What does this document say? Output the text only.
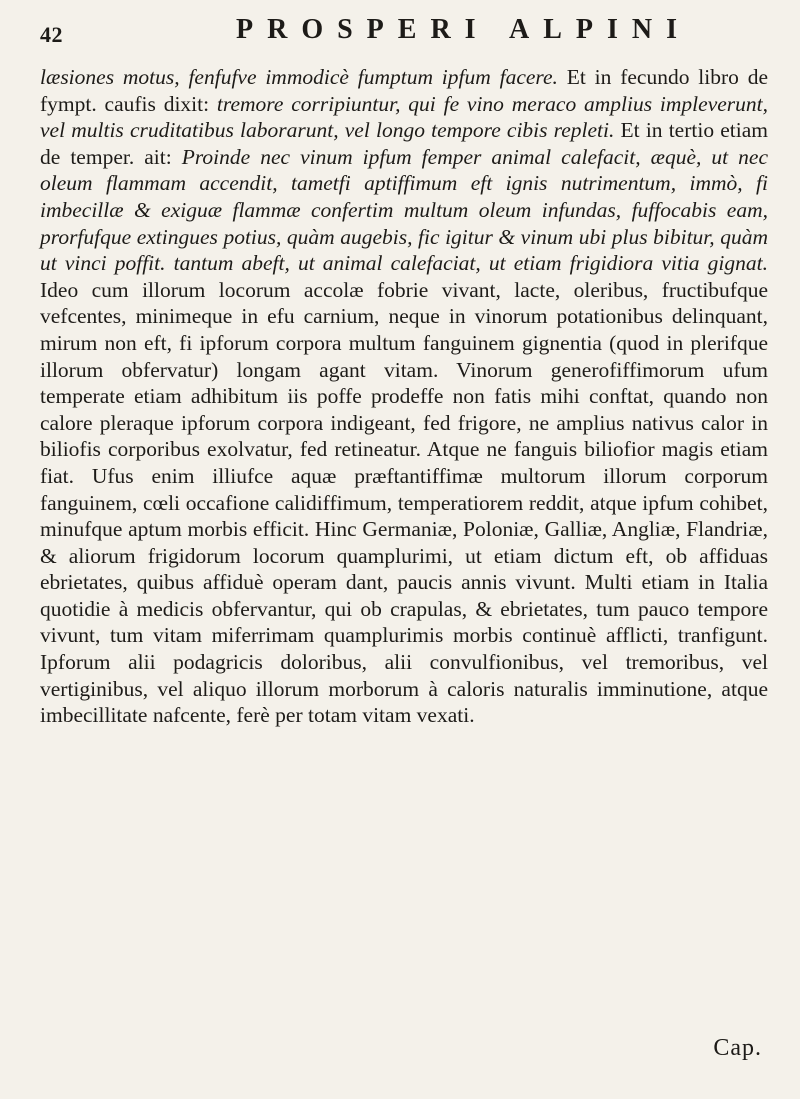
42	PROSPERI ALPINI

læsiones motus, fenfufve immodicè fumptum ipfum facere. Et in fecundo libro de fympt. caufis dixit: tremore corripiuntur, qui fe vino meraco amplius impleverunt, vel multis cruditatibus laborarunt, vel longo tempore cibis repleti. Et in tertio etiam de temper. ait: Proinde nec vinum ipfum femper animal calefacit, æquè, ut nec oleum flammam accendit, tametfi aptiffimum eft ignis nutrimentum, immò, fi imbecillæ & exiguæ flammæ confertim multum oleum infundas, fuffocabis eam, prorfufque extingues potius, quàm augebis, fic igitur & vinum ubi plus bibitur, quàm ut vinci poffit. tantum abeft, ut animal calefaciat, ut etiam frigidiora vitia gignat. Ideo cum illorum locorum accolæ fobrie vivant, lacte, oleribus, fructibufque vefcentes, minimeque in efu carnium, neque in vinorum potationibus delinquant, mirum non eft, fi ipforum corpora multum fanguinem gignentia (quod in plerifque illorum obfervatur) longam agant vitam. Vinorum generofiffimorum ufum temperate etiam adhibitum iis poffe prodeffe non fatis mihi conftat, quando non calore pleraque ipforum corpora indigeant, fed frigore, ne amplius nativus calor in biliofis corporibus exolvatur, fed retineatur. Atque ne fanguis biliofior magis etiam fiat. Ufus enim illiufce aquæ præftantiffimæ multorum illorum corporum fanguinem, cœli occafione calidiffimum, temperatiorem reddit, atque ipfum cohibet, minufque aptum morbis efficit. Hinc Germaniæ, Poloniæ, Galliæ, Angliæ, Flandriæ, & aliorum frigidorum locorum quamplurimi, ut etiam dictum eft, ob affiduas ebrietates, quibus affiduè operam dant, paucis annis vivunt. Multi etiam in Italia quotidie à medicis obfervantur, qui ob crapulas, & ebrietates, tum pauco tempore vivunt, tum vitam miferrimam quamplurimis morbis continuè afflicti, tranfigunt. Ipforum alii podagricis doloribus, alii convulfionibus, vel tremoribus, vel vertiginibus, vel aliquo illorum morborum à caloris naturalis imminutione, atque imbecillitate nafcente, ferè per totam vitam vexati.

Cap.
